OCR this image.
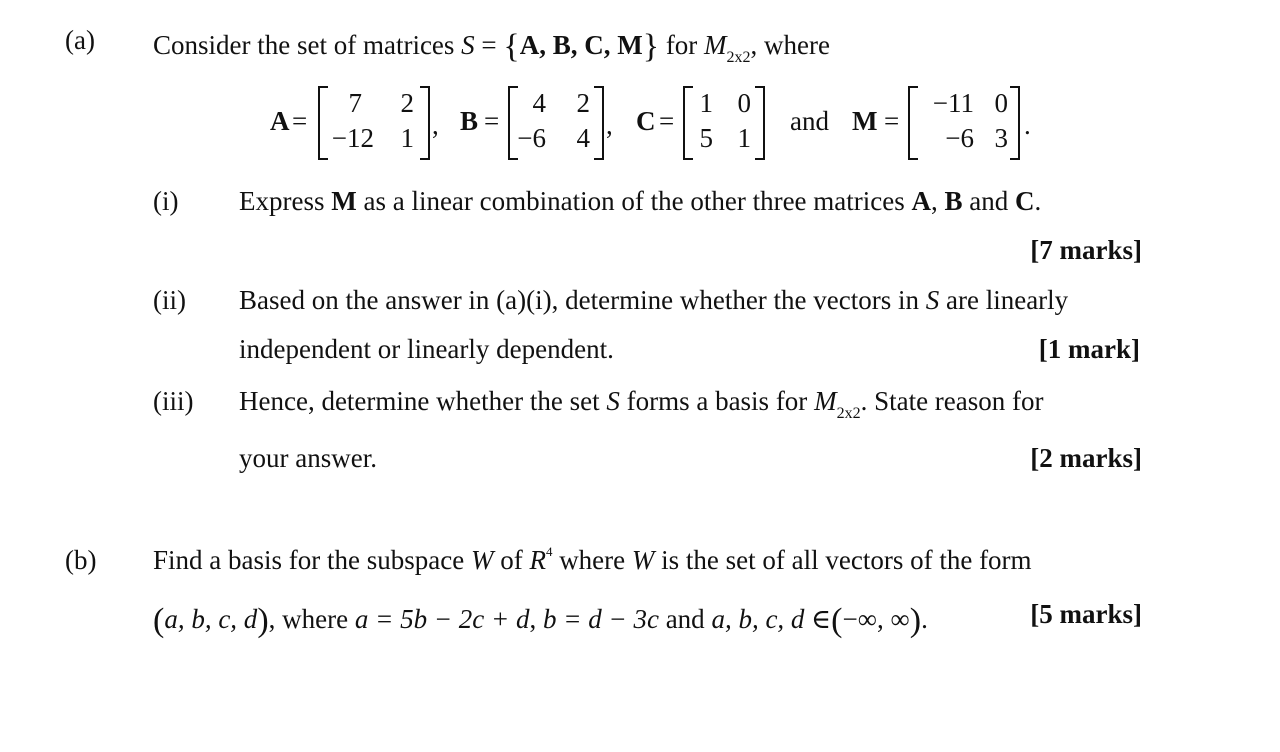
(a) Consider the set of matrices S = {A, B, C, M} for $M_{2x2}$, where
A =
7 2
−12 1 , B =
4 2
−6 4 , C =
1 0
5 1
and M =
−11 0
−6 3 .
(i) Express M as a linear combination of the other three matrices A, B and C.
[7 marks]
(ii) Based on the answer in (a)(i), determine whether the vectors in S are linearly
independent or linearly dependent.	[1 mark]
(iii) Hence, determine whether the set S forms a basis for $M_{2x2}$. State reason for
your answer.	[2 marks]
(b) Find a basis for the subspace W of $R^4$ where W is the set of all vectors of the form
(a, b, c, d), where a = 5b − 2c + d, b = d − 3c and a, b, c, d ∈(−∞, ∞).	[5 marks]
